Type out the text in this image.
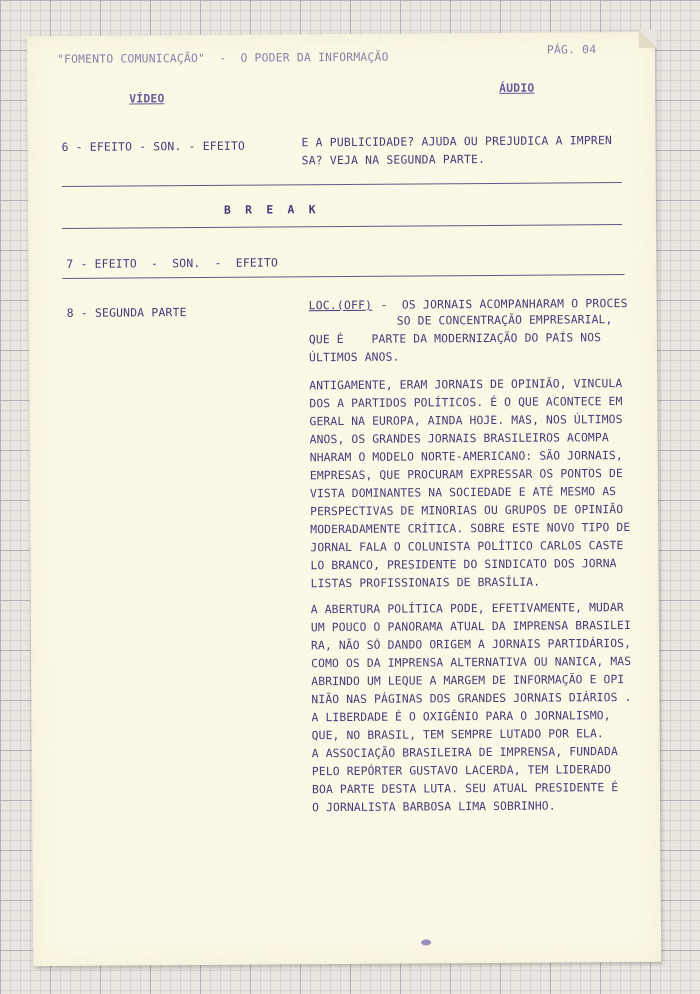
"FOMENTO COMUNICAÇÃO"  -  O PODER DA INFORMAÇÃO
PÁG. 04
VÍDEO
ÁUDIO
6 - EFEITO - SON. - EFEITO	E A PUBLICIDADE? AJUDA OU PREJUDICA A IMPREN
SA? VEJA NA SEGUNDA PARTE.
B  R  E  A  K
7 - EFEITO  -  SON.  -  EFEITO
8 - SEGUNDA PARTE
LOC.(OFF) -  OS JORNAIS ACOMPANHARAM O PROCES
SO DE CONCENTRAÇÃO EMPRESARIAL,
QUE É    PARTE DA MODERNIZAÇÃO DO PAÍS NOS
ÚLTIMOS ANOS.
ANTIGAMENTE, ERAM JORNAIS DE OPINIÃO, VINCULA
DOS A PARTIDOS POLÍTICOS. É O QUE ACONTECE EM
GERAL NA EUROPA, AINDA HOJE. MAS, NOS ÚLTIMOS
ANOS, OS GRANDES JORNAIS BRASILEIROS ACOMPA
NHARAM O MODELO NORTE-AMERICANO: SÃO JORNAIS,
EMPRESAS, QUE PROCURAM EXPRESSAR OS PONTOS DE
VISTA DOMINANTES NA SOCIEDADE E ATÉ MESMO AS
PERSPECTIVAS DE MINORIAS OU GRUPOS DE OPINIÃO
MODERADAMENTE CRÍTICA. SOBRE ESTE NOVO TIPO DE
JORNAL FALA O COLUNISTA POLÍTICO CARLOS CASTE
LO BRANCO, PRESIDENTE DO SINDICATO DOS JORNA
LISTAS PROFISSIONAIS DE BRASÍLIA.
A ABERTURA POLÍTICA PODE, EFETIVAMENTE, MUDAR
UM POUCO O PANORAMA ATUAL DA IMPRENSA BRASILEI
RA, NÃO SÓ DANDO ORIGEM A JORNAIS PARTIDÁRIOS,
COMO OS DA IMPRENSA ALTERNATIVA OU NANICA, MAS
ABRINDO UM LEQUE A MARGEM DE INFORMAÇÃO E OPI
NIÃO NAS PÁGINAS DOS GRANDES JORNAIS DIÁRIOS .
A LIBERDADE É O OXIGÊNIO PARA O JORNALISMO,
QUE, NO BRASIL, TEM SEMPRE LUTADO POR ELA.
A ASSOCIAÇÃO BRASILEIRA DE IMPRENSA, FUNDADA
PELO REPÓRTER GUSTAVO LACERDA, TEM LIDERADO
BOA PARTE DESTA LUTA. SEU ATUAL PRESIDENTE É
O JORNALISTA BARBOSA LIMA SOBRINHO.
